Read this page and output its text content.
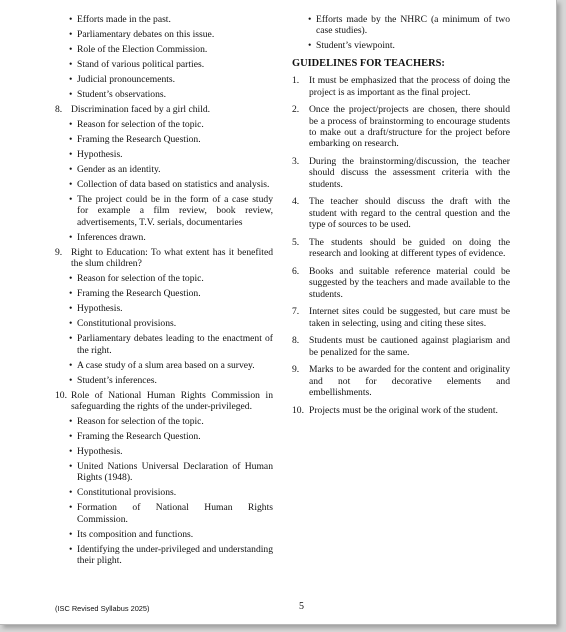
• Efforts made in the past.
• Parliamentary debates on this issue.
• Role of the Election Commission.
• Stand of various political parties.
• Judicial pronouncements.
• Student’s observations.
8. Discrimination faced by a girl child.
• Reason for selection of the topic.
• Framing the Research Question.
• Hypothesis.
• Gender as an identity.
• Collection of data based on statistics and analysis.
• The project could be in the form of a case study for example a film review, book review, advertisements, T.V. serials, documentaries
• Inferences drawn.
9. Right to Education: To what extent has it benefited the slum children?
• Reason for selection of the topic.
• Framing the Research Question.
• Hypothesis.
• Constitutional provisions.
• Parliamentary debates leading to the enactment of the right.
• A case study of a slum area based on a survey.
• Student’s inferences.
10. Role of National Human Rights Commission in safeguarding the rights of the under-privileged.
• Reason for selection of the topic.
• Framing the Research Question.
• Hypothesis.
• United Nations Universal Declaration of Human Rights (1948).
• Constitutional provisions.
• Formation of National Human Rights Commission.
• Its composition and functions.
• Identifying the under-privileged and understanding their plight.
• Efforts made by the NHRC (a minimum of two case studies).
• Student’s viewpoint.
GUIDELINES FOR TEACHERS:
1. It must be emphasized that the process of doing the project is as important as the final project.
2. Once the project/projects are chosen, there should be a process of brainstorming to encourage students to make out a draft/structure for the project before embarking on research.
3. During the brainstorming/discussion, the teacher should discuss the assessment criteria with the students.
4. The teacher should discuss the draft with the student with regard to the central question and the type of sources to be used.
5. The students should be guided on doing the research and looking at different types of evidence.
6. Books and suitable reference material could be suggested by the teachers and made available to the students.
7. Internet sites could be suggested, but care must be taken in selecting, using and citing these sites.
8. Students must be cautioned against plagiarism and be penalized for the same.
9. Marks to be awarded for the content and originality and not for decorative elements and embellishments.
10. Projects must be the original work of the student.
(ISC Revised Syllabus 2025)	5
